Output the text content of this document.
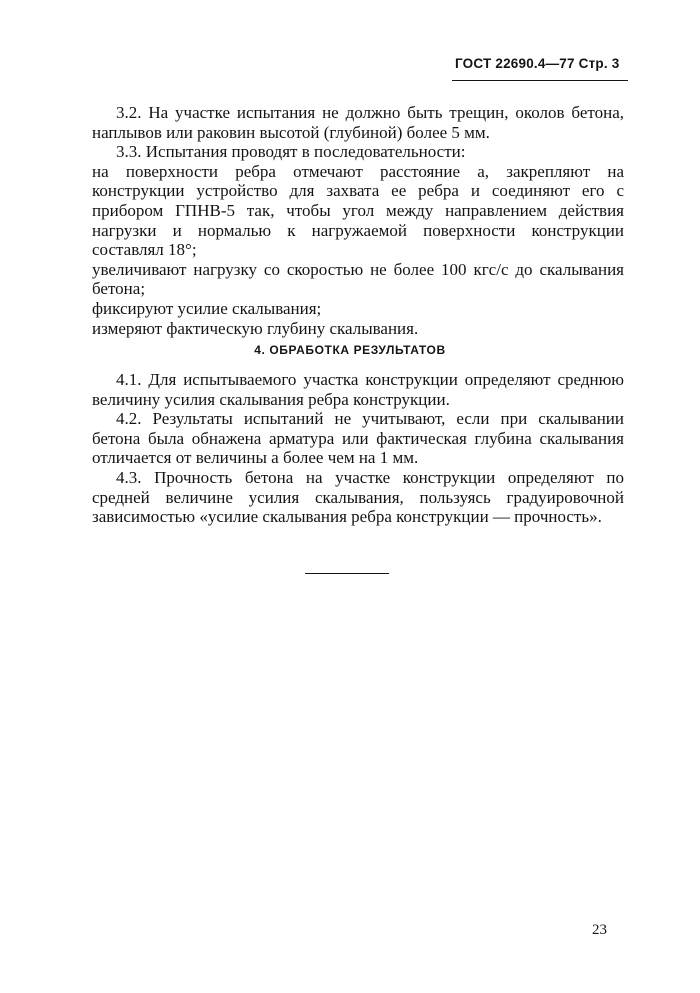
ГОСТ 22690.4—77 Стр. 3

3.2. На участке испытания не должно быть трещин, околов бетона, наплывов или раковин высотой (глубиной) более 5 мм.

3.3. Испытания проводят в последовательности:

на поверхности ребра отмечают расстояние а, закрепляют на конструкции устройство для захвата ее ребра и соединяют его с прибором ГПНВ-5 так, чтобы угол между направлением действия нагрузки и нормалью к нагружаемой поверхности конструкции составлял 18°;

увеличивают нагрузку со скоростью не более 100 кгс/с до скалывания бетона;

фиксируют усилие скалывания;

измеряют фактическую глубину скалывания.

4. ОБРАБОТКА РЕЗУЛЬТАТОВ

4.1. Для испытываемого участка конструкции определяют среднюю величину усилия скалывания ребра конструкции.

4.2. Результаты испытаний не учитывают, если при скалывании бетона была обнажена арматура или фактическая глубина скалывания отличается от величины а более чем на 1 мм.

4.3. Прочность бетона на участке конструкции определяют по средней величине усилия скалывания, пользуясь градуировочной зависимостью «усилие скалывания ребра конструкции — прочность».

23
